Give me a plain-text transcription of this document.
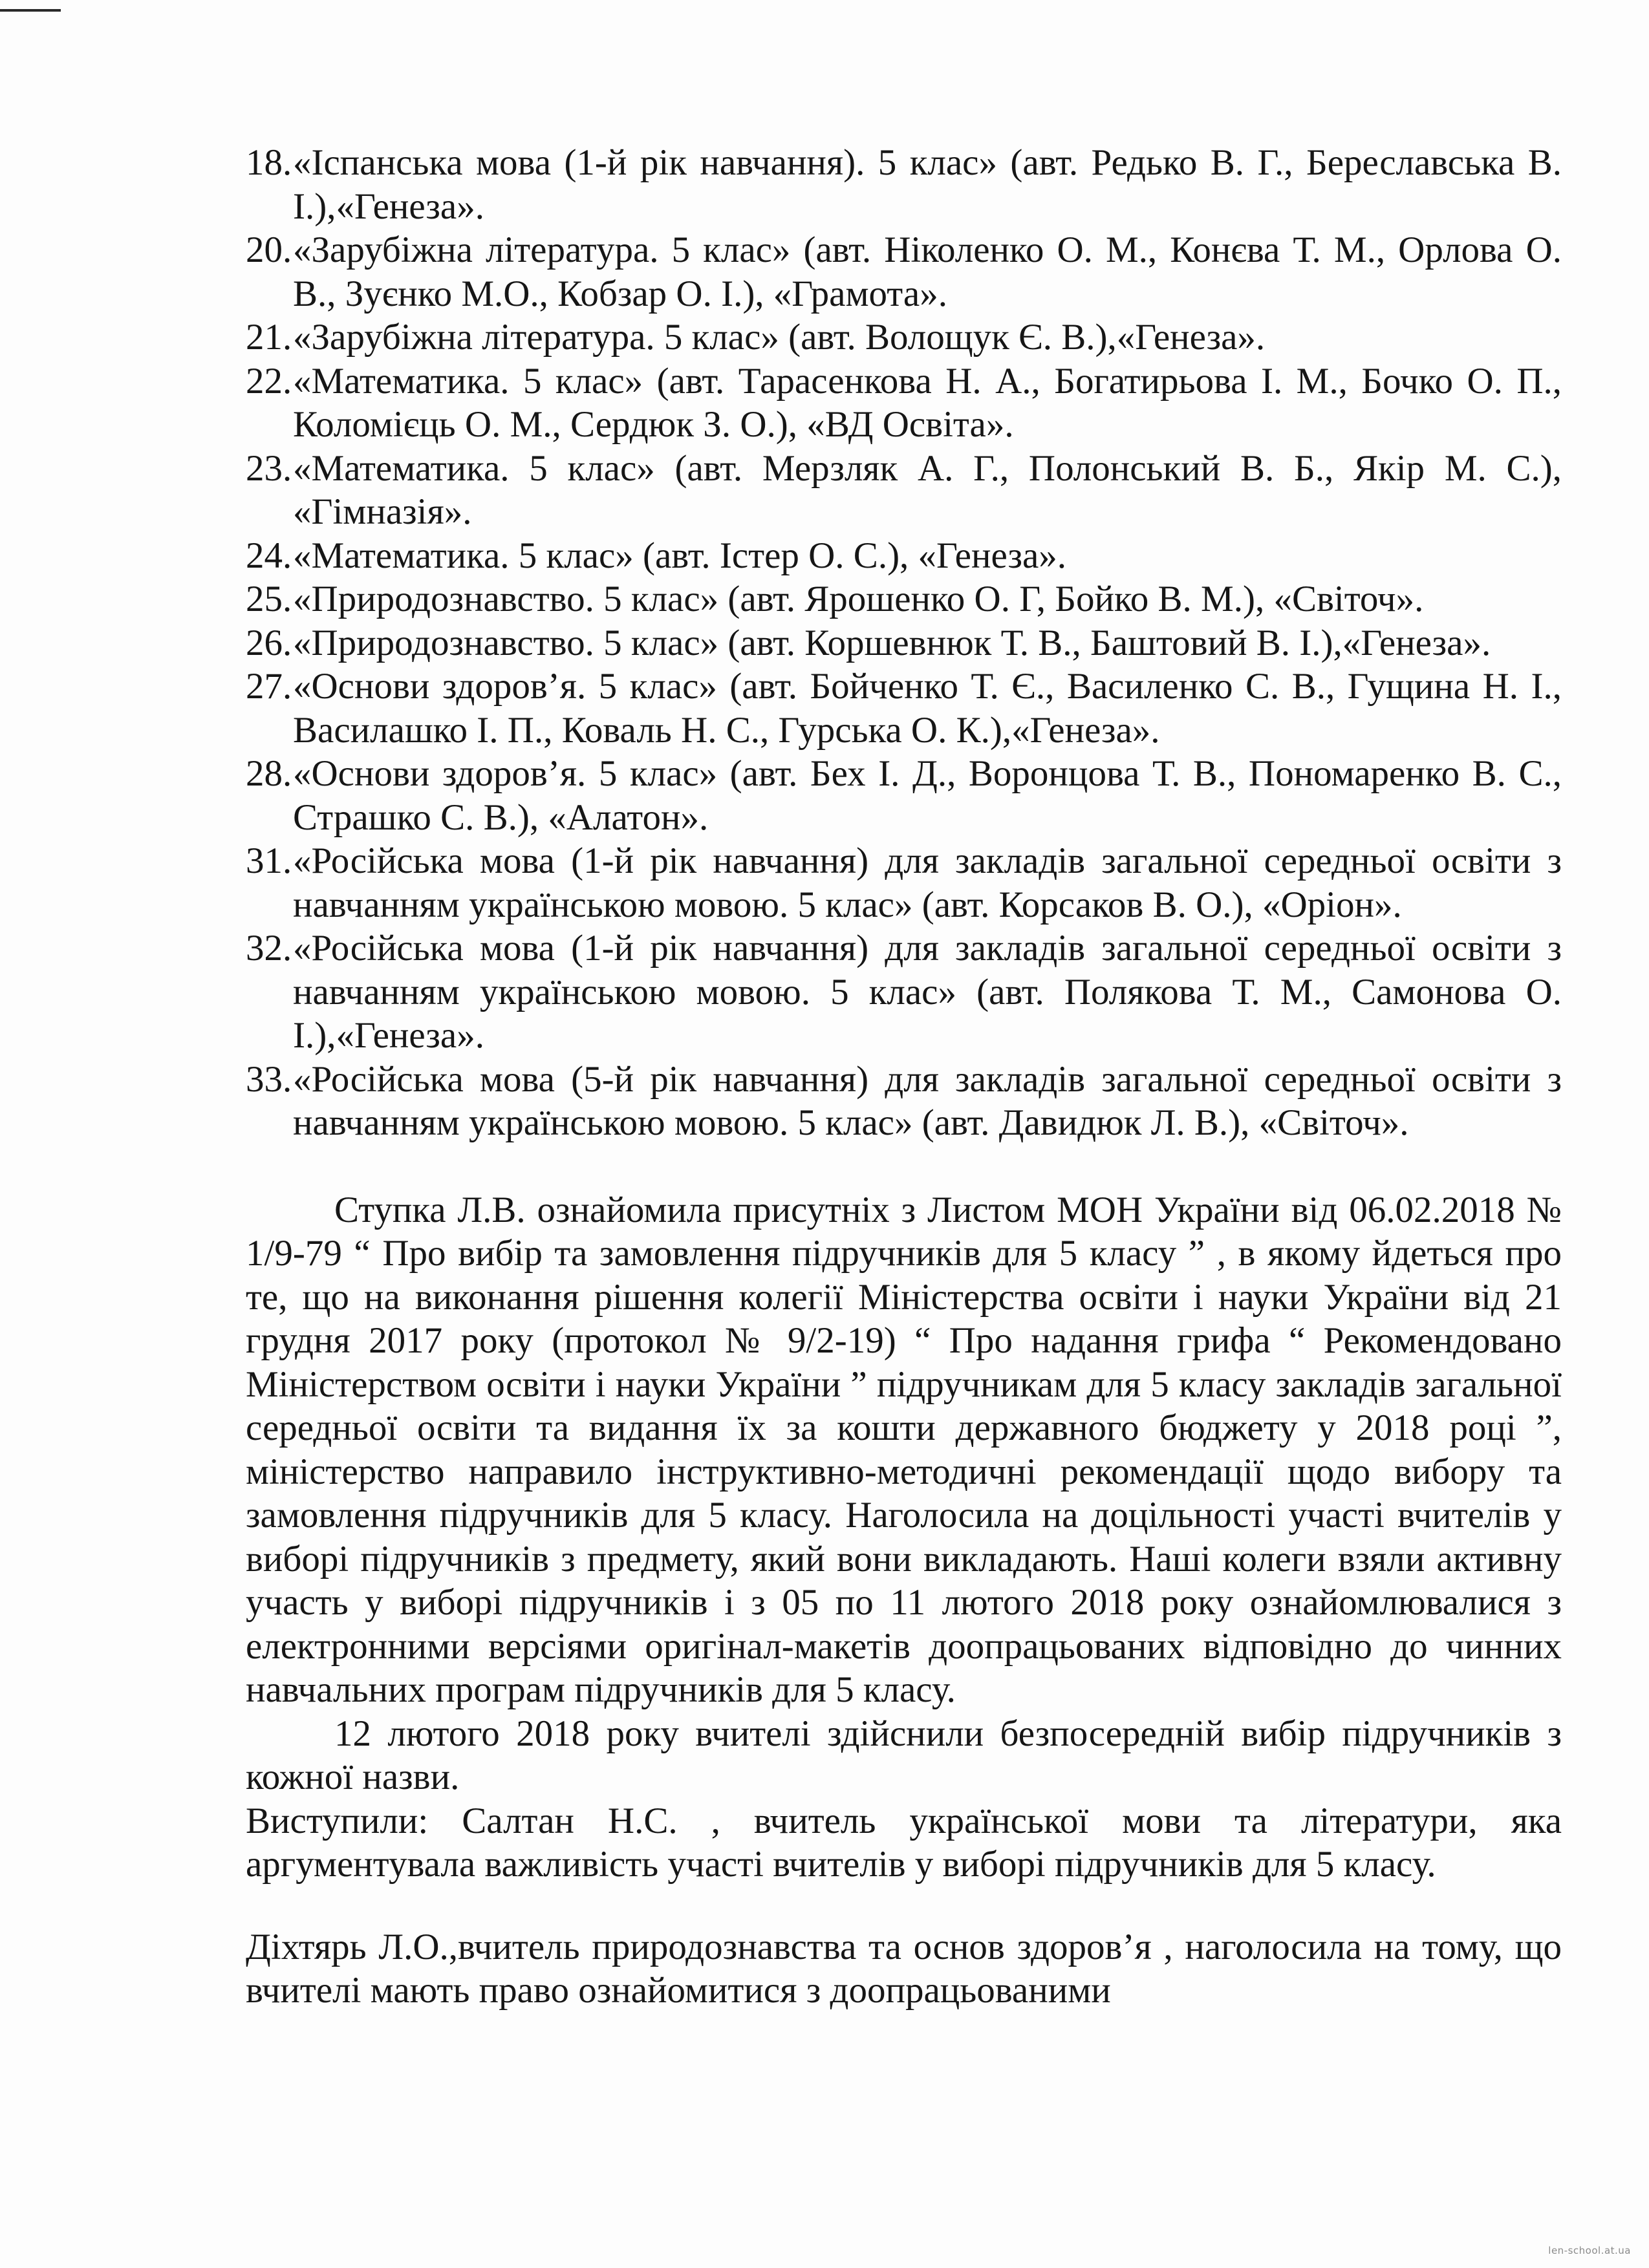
18. «Іспанська мова (1-й рік навчання). 5 клас» (авт. Редько В. Г., Береславська В. І.),«Генеза».
20. «Зарубіжна література. 5 клас» (авт. Ніколенко О. М., Конєва Т. М., Орлова О. В., Зуєнко М.О., Кобзар О. І.), «Грамота».
21. «Зарубіжна література. 5 клас» (авт. Волощук Є. В.),«Генеза».
22. «Математика. 5 клас» (авт. Тарасенкова Н. А., Богатирьова І. М., Бочко О. П., Коломієць О. М., Сердюк З. О.), «ВД Освіта».
23. «Математика. 5 клас» (авт. Мерзляк А. Г., Полонський В. Б., Якір М. С.), «Гімназія».
24. «Математика. 5 клас» (авт. Істер О. С.), «Генеза».
25. «Природознавство. 5 клас» (авт. Ярошенко О. Г, Бойко В. М.), «Світоч».
26. «Природознавство. 5 клас» (авт. Коршевнюк Т. В., Баштовий В. І.),«Генеза».
27. «Основи здоров’я. 5 клас» (авт. Бойченко Т. Є., Василенко С. В., Гущина Н. І., Василашко І. П., Коваль Н. С., Гурська О. К.),«Генеза».
28. «Основи здоров’я. 5 клас» (авт. Бех І. Д., Воронцова Т. В., Пономаренко В. С., Страшко С. В.), «Алатон».
31. «Російська мова (1-й рік навчання) для закладів загальної середньої освіти з навчанням українською мовою. 5 клас» (авт. Корсаков В. О.), «Оріон».
32. «Російська мова (1-й рік навчання) для закладів загальної середньої освіти з навчанням українською мовою. 5 клас» (авт. Полякова Т. М., Самонова О. І.),«Генеза».
33. «Російська мова (5-й рік навчання) для закладів загальної середньої освіти з навчанням українською мовою. 5 клас» (авт. Давидюк Л. В.), «Світоч».

Ступка Л.В. ознайомила присутніх з Листом МОН України від 06.02.2018 № 1/9-79 “ Про вибір та замовлення підручників для 5 класу ” , в якому йдеться про те, що на виконання рішення колегії Міністерства освіти і науки України від 21 грудня 2017 року (протокол № 9/2-19) “ Про надання грифа “ Рекомендовано Міністерством освіти і науки України ” підручникам для 5 класу закладів загальної середньої освіти та видання їх за кошти державного бюджету у 2018 році ”, міністерство направило інструктивно-методичні рекомендації щодо вибору та замовлення підручників для 5 класу. Наголосила на доцільності участі вчителів у виборі підручників з предмету, який вони викладають. Наші колеги взяли активну участь у виборі підручників і з 05 по 11 лютого 2018 року ознайомлювалися з електронними версіями оригінал-макетів доопрацьованих відповідно до чинних навчальних програм підручників для 5 класу.

12 лютого 2018 року вчителі здійснили безпосередній вибір підручників з кожної назви.

Виступили: Салтан Н.С. , вчитель української мови та літератури, яка аргументувала важливість участі вчителів у виборі підручників для 5 класу.

Діхтярь Л.О.,вчитель природознавства та основ здоров’я , наголосила на тому, що вчителі мають право ознайомитися з доопрацьованими

len-school.at.ua
